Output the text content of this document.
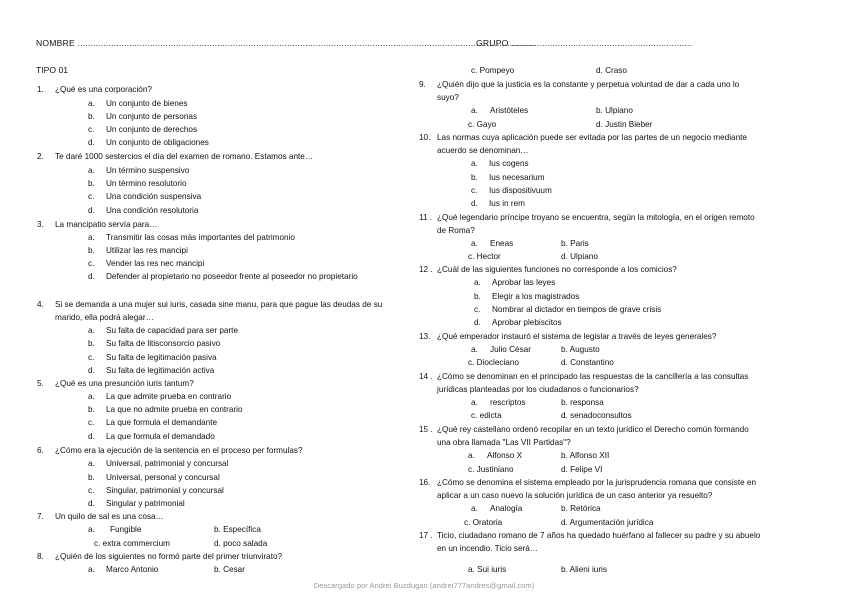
NOMBRE .................................................................................................................................................................................
GRUPO ......................................................................
TIPO 01
1. ¿Qué es una corporación?
a. Un conjunto de bienes
b. Un conjunto de personas
c. Un conjunto de derechos
d. Un conjunto de obligaciones
2. Te daré 1000 sestercios el día del examen de romano. Estamos ante…
a. Un término suspensivo
b. Un término resolutorio
c. Una condición suspensiva
d. Una condición resolutoria
3. La mancipatio servía para…
a. Transmitir las cosas más importantes del patrimonio
b. Utilizar las res mancipi
c. Vender las res nec mancipi
d. Defender al propietario no poseedor frente al poseedor no propietario
4. Si se demanda a una mujer sui iuris, casada sine manu, para que pague las deudas de su
marido, ella podrá alegar…
a. Su falta de capacidad para ser parte
b. Su falta de litisconsorcio pasivo
c. Su falta de legitimación pasiva
d. Su falta de legitimación activa
5. ¿Qué es una presunción iuris tantum?
a. La que admite prueba en contrario
b. La que no admite prueba en contrario
c. La que formula el demandante
d. La que formula el demandado
6. ¿Cómo era la ejecución de la sentencia en el proceso per formulas?
a. Universal, patrimonial y concursal
b. Universal, personal y concursal
c. Singular, patrimonial y concursal
d. Singular y patrimonial
7. Un quilo de sal es una cosa…
a. Fungible	b. Específica
c. extra commercium	d. poco salada
8. ¿Quién de los siguientes no formó parte del primer triunvirato?
a. Marco Antonio	b. Cesar
c. Pompeyo	d. Craso
9. ¿Quién dijo que la justicia es la constante y perpetua voluntad de dar a cada uno lo
suyo?
a. Aristóteles	b. Ulpiano
c. Gayo	d. Justin Bieber
10. Las normas cuya aplicación puede ser evitada por las partes de un negocio mediante
acuerdo se denominan…
a. Ius cogens
b. Ius necesarium
c. Ius dispositivuum
d. Ius in rem
11 . ¿Qué legendario príncipe troyano se encuentra, según la mitología, en el origen remoto
de Roma?
a. Eneas	b. Paris
c. Hector	d. Ulpiano
12 . ¿Cuál de las siguientes funciones no corresponde a los comicios?
a. Aprobar las leyes
b. Elegir a los magistrados
c. Nombrar al dictador en tiempos de grave crisis
d. Aprobar plebiscitos
13. ¿Qué emperador instauró el sistema de legislar a través de leyes generales?
a. Julio César	b. Augusto
c. Diocleciano	d. Constantino
14 . ¿Cómo se denominan en el principado las respuestas de la cancillería a las consultas
jurídicas planteadas por los ciudadanos o funcionarios?
a. rescriptos	b. responsa
c. edicta	d. senadoconsultos
15 . ¿Qué rey castellano ordenó recopilar en un texto jurídico el Derecho común formando
una obra llamada "Las VII Partidas"?
a. Alfonso X	b. Alfonso XII
c. Justiniano	d. Felipe VI
16. ¿Cómo se denomina el sistema empleado por la jurisprudencia romana que consiste en
aplicar a un caso nuevo la solución jurídica de un caso anterior ya resuelto?
a. Analogía	b. Retórica
c. Oratoria	d. Argumentación jurídica
17 . Ticio, ciudadano romano de 7 años ha quedado huérfano al fallecer su padre y su abuelo
en un incendio. Ticio será…
a. Sui iuris	b. Alieni iuris
Descargado por Andrei Buzdugan (andrei777andres@gmail.com)
